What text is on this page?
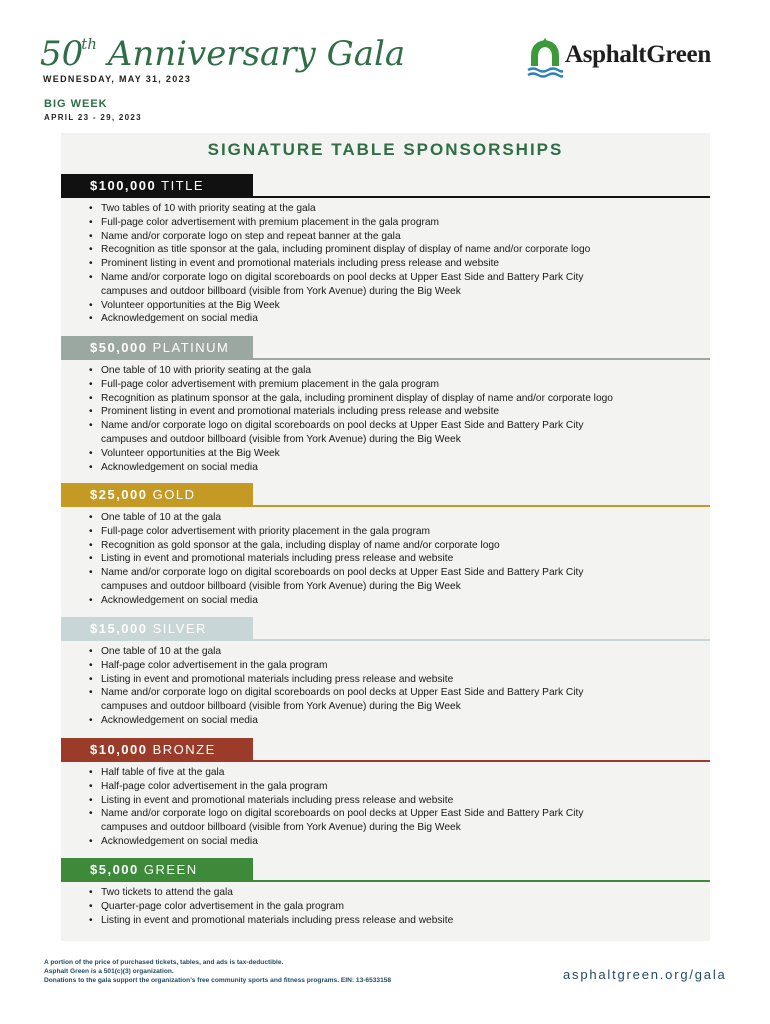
50th Anniversary Gala
WEDNESDAY, MAY 31, 2023
AsphaltGreen
BIG WEEK
APRIL 23 - 29, 2023
SIGNATURE TABLE SPONSORSHIPS
$100,000 TITLE
• Two tables of 10 with priority seating at the gala
• Full-page color advertisement with premium placement in the gala program
• Name and/or corporate logo on step and repeat banner at the gala
• Recognition as title sponsor at the gala, including prominent display of display of name and/or corporate logo
• Prominent listing in event and promotional materials including press release and website
• Name and/or corporate logo on digital scoreboards on pool decks at Upper East Side and Battery Park City
campuses and outdoor billboard (visible from York Avenue) during the Big Week
• Volunteer opportunities at the Big Week
• Acknowledgement on social media
$50,000 PLATINUM
• One table of 10 with priority seating at the gala
• Full-page color advertisement with premium placement in the gala program
• Recognition as platinum sponsor at the gala, including prominent display of display of name and/or corporate logo
• Prominent listing in event and promotional materials including press release and website
• Name and/or corporate logo on digital scoreboards on pool decks at Upper East Side and Battery Park City
campuses and outdoor billboard (visible from York Avenue) during the Big Week
• Volunteer opportunities at the Big Week
• Acknowledgement on social media
$25,000 GOLD
• One table of 10 at the gala
• Full-page color advertisement with priority placement in the gala program
• Recognition as gold sponsor at the gala, including display of name and/or corporate logo
• Listing in event and promotional materials including press release and website
• Name and/or corporate logo on digital scoreboards on pool decks at Upper East Side and Battery Park City
campuses and outdoor billboard (visible from York Avenue) during the Big Week
• Acknowledgement on social media
$15,000 SILVER
• One table of 10 at the gala
• Half-page color advertisement in the gala program
• Listing in event and promotional materials including press release and website
• Name and/or corporate logo on digital scoreboards on pool decks at Upper East Side and Battery Park City
campuses and outdoor billboard (visible from York Avenue) during the Big Week
• Acknowledgement on social media
$10,000 BRONZE
• Half table of five at the gala
• Half-page color advertisement in the gala program
• Listing in event and promotional materials including press release and website
• Name and/or corporate logo on digital scoreboards on pool decks at Upper East Side and Battery Park City
campuses and outdoor billboard (visible from York Avenue) during the Big Week
• Acknowledgement on social media
$5,000 GREEN
• Two tickets to attend the gala
• Quarter-page color advertisement in the gala program
• Listing in event and promotional materials including press release and website
A portion of the price of purchased tickets, tables, and ads is tax-deductible.
Asphalt Green is a 501(c)(3) organization.
Donations to the gala support the organization’s free community sports and fitness programs. EIN: 13-6533158	asphaltgreen.org/gala
